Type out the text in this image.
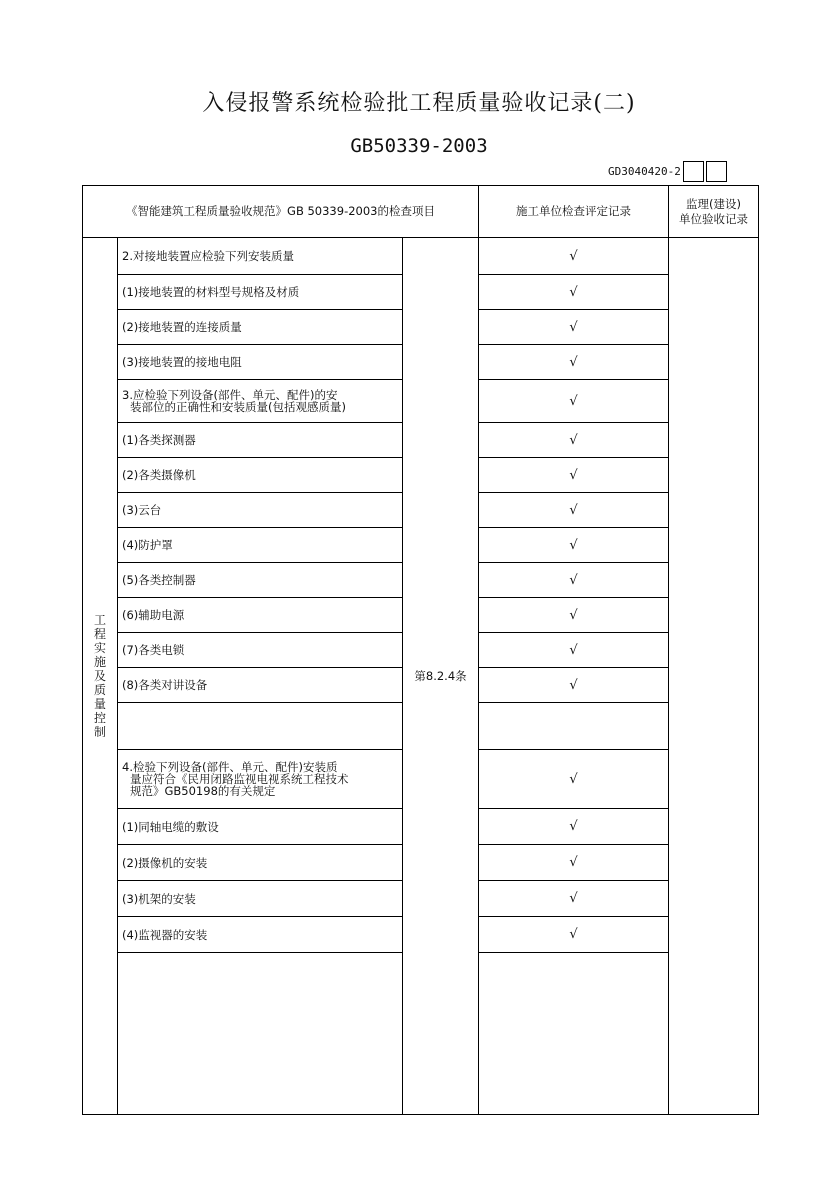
入侵报警系统检验批工程质量验收记录(二)
GB50339-2003
GD3040420-2
《智能建筑工程质量验收规范》GB 50339-2003的检查项目			施工单位检查评定记录	监理(建设)
单位验收记录

工程实施及质量控制	2.对接地装置应检验下列安装质量	第8.2.4条	√	
	(1)接地装置的材料型号规格及材质		√	
	(2)接地装置的连接质量		√	
	(3)接地装置的接地电阻		√	

	3.应检验下列设备(部件、单元、配件)的安
装部位的正确性和安装质量(包括观感质量)		√	
	(1)各类探测器		√	
	(2)各类摄像机		√	
	(3)云台		√	
	(4)防护罩		√	
	(5)各类控制器		√	
	(6)辅助电源		√	
	(7)各类电锁		√	
	(8)各类对讲设备		√	

	4.检验下列设备(部件、单元、配件)安装质
量应符合《民用闭路监视电视系统工程技术
规范》GB50198的有关规定		√	
	(1)同轴电缆的敷设		√	
	(2)摄像机的安装		√	
	(3)机架的安装		√	
	(4)监视器的安装		√	
